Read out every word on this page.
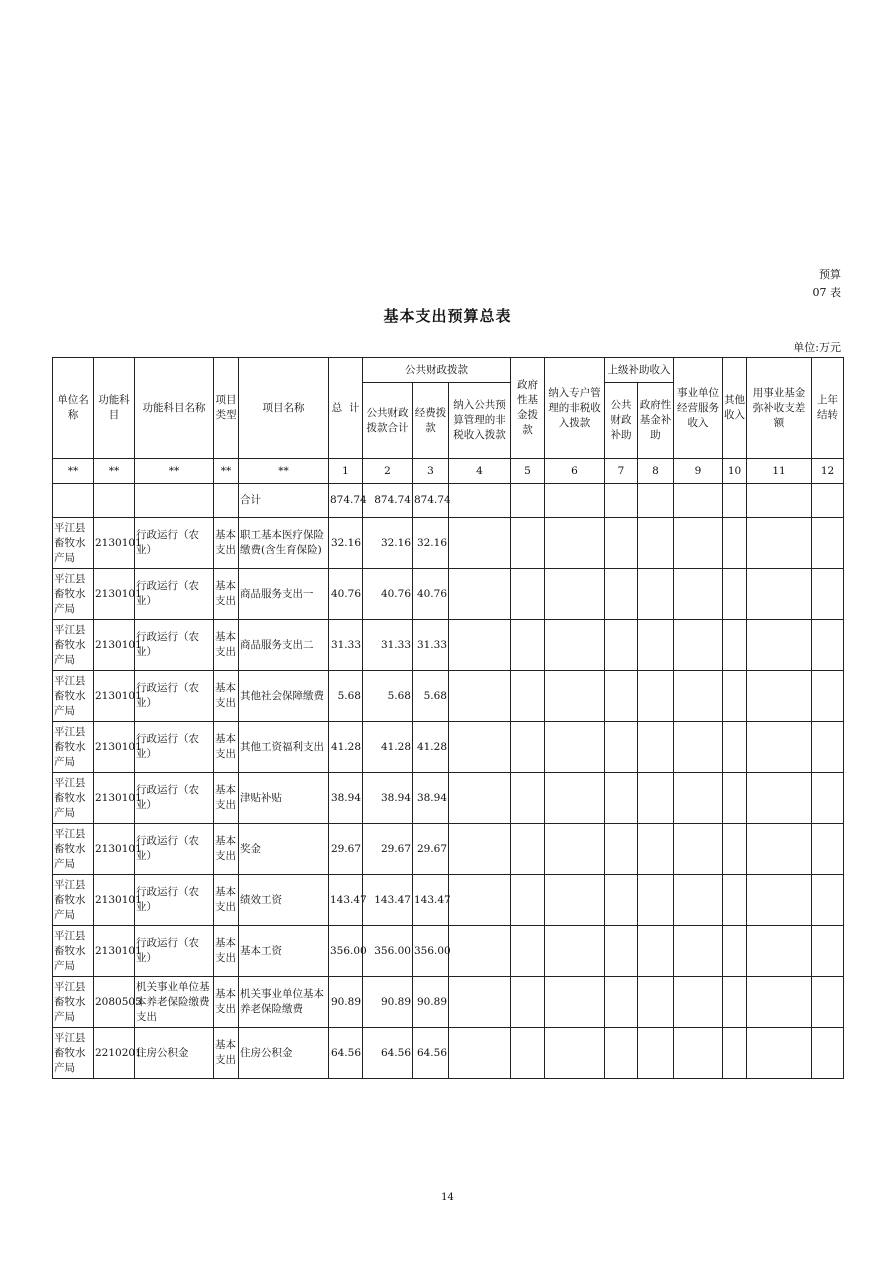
预算
07 表
基本支出预算总表
单位:万元
单位名称	功能科目	功能科目名称	项目类型	项目名称	总  计	公共财政拨款			政府性基金拨款	纳入专户管理的非税收入拨款	上级补助收入		事业单位经营服务收入	其他收入	用事业基金弥补收支差额	上年结转
						公共财政拨款合计	经费拨款	纳入公共预算管理的非税收入拨款			公共财政补助	政府性基金补助				
**	**	**	**	**	1	2	3	4	5	6	7	8	9	10	11	12
				合计	874.74	874.74	874.74									
平江县畜牧水产局	2130101	行政运行（农业）	基本支出	职工基本医疗保险缴费(含生育保险)	32.16	32.16	32.16									
平江县畜牧水产局	2130101	行政运行（农业）	基本支出	商品服务支出一	40.76	40.76	40.76									
平江县畜牧水产局	2130101	行政运行（农业）	基本支出	商品服务支出二	31.33	31.33	31.33									
平江县畜牧水产局	2130101	行政运行（农业）	基本支出	其他社会保障缴费	5.68	5.68	5.68									
平江县畜牧水产局	2130101	行政运行（农业）	基本支出	其他工资福利支出	41.28	41.28	41.28									
平江县畜牧水产局	2130101	行政运行（农业）	基本支出	津贴补贴	38.94	38.94	38.94									
平江县畜牧水产局	2130101	行政运行（农业）	基本支出	奖金	29.67	29.67	29.67									
平江县畜牧水产局	2130101	行政运行（农业）	基本支出	绩效工资	143.47	143.47	143.47									
平江县畜牧水产局	2130101	行政运行（农业）	基本支出	基本工资	356.00	356.00	356.00									
平江县畜牧水产局	2080505	机关事业单位基本养老保险缴费支出	基本支出	机关事业单位基本养老保险缴费	90.89	90.89	90.89									
平江县畜牧水产局	2210201	住房公积金	基本支出	住房公积金	64.56	64.56	64.56									
14
